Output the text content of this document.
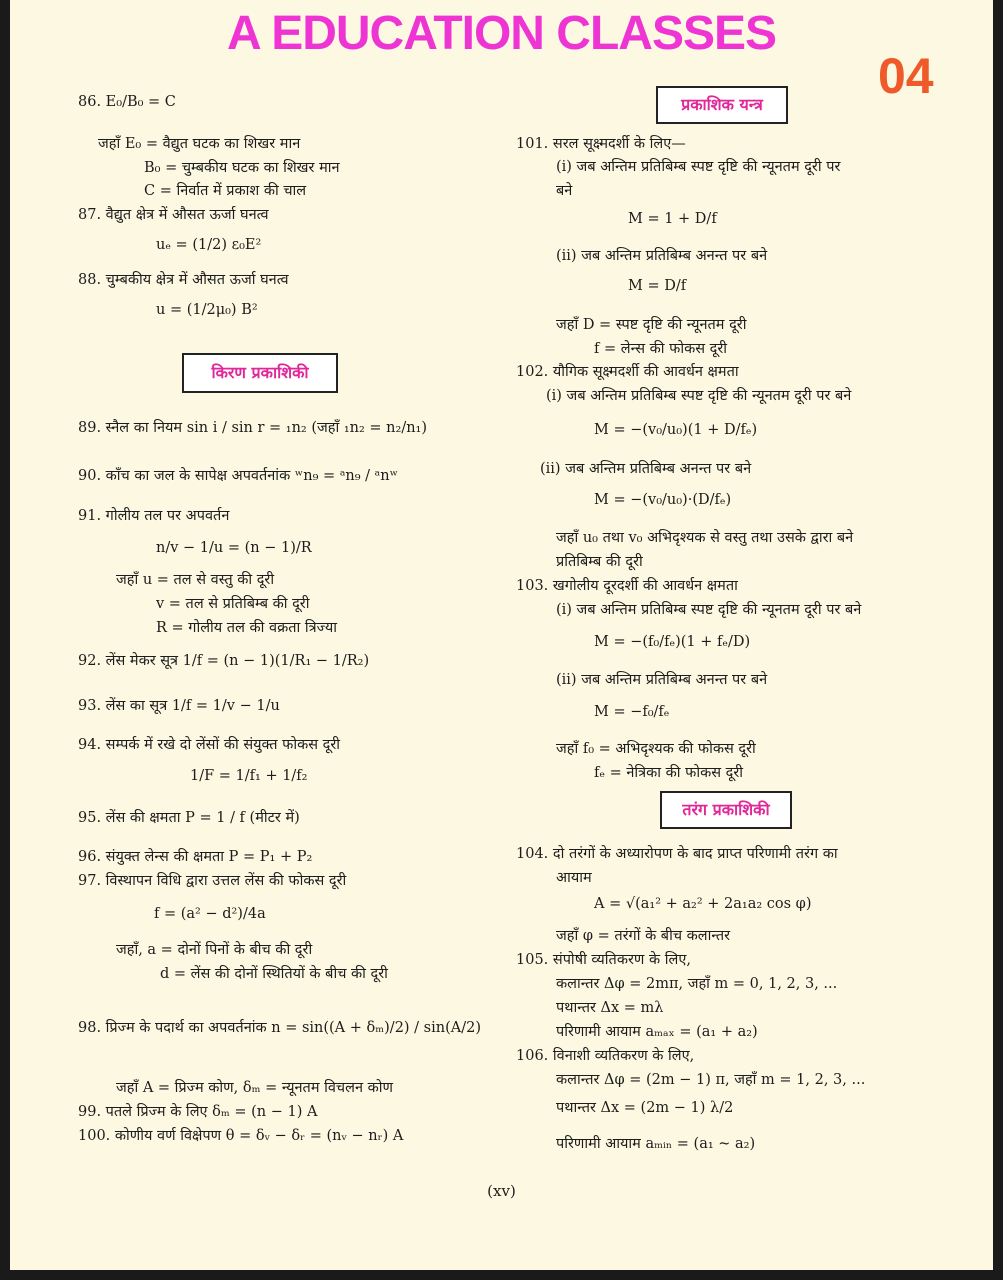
A EDUCATION CLASSES
04
किरण प्रकाशिकी
प्रकाशिक यन्त्र
तरंग प्रकाशिकी
86. E₀/B₀ = C
जहाँ E₀ = वैद्युत घटक का शिखर मान
B₀ = चुम्बकीय घटक का शिखर मान
C = निर्वात में प्रकाश की चाल
87. वैद्युत क्षेत्र में औसत ऊर्जा घनत्व
uₑ = (1/2) ε₀E²
88. चुम्बकीय क्षेत्र में औसत ऊर्जा घनत्व
u = (1/2μ₀) B²
89. स्नैल का नियम sin i / sin r = ₁n₂ (जहाँ ₁n₂ = n₂/n₁)
90. काँच का जल के सापेक्ष अपवर्तनांक ʷn₉ = ᵃn₉ / ᵃnʷ
91. गोलीय तल पर अपवर्तन
n/v − 1/u = (n − 1)/R
जहाँ u = तल से वस्तु की दूरी
v = तल से प्रतिबिम्ब की दूरी
R = गोलीय तल की वक्रता त्रिज्या
92. लेंस मेकर सूत्र 1/f = (n − 1)(1/R₁ − 1/R₂)
93. लेंस का सूत्र 1/f = 1/v − 1/u
94. सम्पर्क में रखे दो लेंसों की संयुक्त फोकस दूरी
1/F = 1/f₁ + 1/f₂
95. लेंस की क्षमता P = 1 / f (मीटर में)
96. संयुक्त लेन्स की क्षमता P = P₁ + P₂
97. विस्थापन विधि द्वारा उत्तल लेंस की फोकस दूरी
f = (a² − d²)/4a
जहाँ, a = दोनों पिनों के बीच की दूरी
d = लेंस की दोनों स्थितियों के बीच की दूरी
98. प्रिज्म के पदार्थ का अपवर्तनांक n = sin((A + δₘ)/2) / sin(A/2)
जहाँ A = प्रिज्म कोण, δₘ = न्यूनतम विचलन कोण
99. पतले प्रिज्म के लिए δₘ = (n − 1) A
100. कोणीय वर्ण विक्षेपण θ = δᵥ − δᵣ = (nᵥ − nᵣ) A
101. सरल सूक्ष्मदर्शी के लिए—
(i) जब अन्तिम प्रतिबिम्ब स्पष्ट दृष्टि की न्यूनतम दूरी पर
बने
M = 1 + D/f
(ii) जब अन्तिम प्रतिबिम्ब अनन्त पर बने
M = D/f
जहाँ D = स्पष्ट दृष्टि की न्यूनतम दूरी
f = लेन्स की फोकस दूरी
102. यौगिक सूक्ष्मदर्शी की आवर्धन क्षमता
(i) जब अन्तिम प्रतिबिम्ब स्पष्ट दृष्टि की न्यूनतम दूरी पर बने
M = −(v₀/u₀)(1 + D/fₑ)
(ii) जब अन्तिम प्रतिबिम्ब अनन्त पर बने
M = −(v₀/u₀)·(D/fₑ)
जहाँ u₀ तथा v₀ अभिदृश्यक से वस्तु तथा उसके द्वारा बने
प्रतिबिम्ब की दूरी
103. खगोलीय दूरदर्शी की आवर्धन क्षमता
(i) जब अन्तिम प्रतिबिम्ब स्पष्ट दृष्टि की न्यूनतम दूरी पर बने
M = −(f₀/fₑ)(1 + fₑ/D)
(ii) जब अन्तिम प्रतिबिम्ब अनन्त पर बने
M = −f₀/fₑ
जहाँ f₀ = अभिदृश्यक की फोकस दूरी
fₑ = नेत्रिका की फोकस दूरी
104. दो तरंगों के अध्यारोपण के बाद प्राप्त परिणामी तरंग का
आयाम
A = √(a₁² + a₂² + 2a₁a₂ cos φ)
जहाँ φ = तरंगों के बीच कलान्तर
105. संपोषी व्यतिकरण के लिए,
कलान्तर Δφ = 2mπ, जहाँ m = 0, 1, 2, 3, ...
पथान्तर Δx = mλ
परिणामी आयाम aₘₐₓ = (a₁ + a₂)
106. विनाशी व्यतिकरण के लिए,
कलान्तर Δφ = (2m − 1) π, जहाँ m = 1, 2, 3, ...
पथान्तर Δx = (2m − 1) λ/2
परिणामी आयाम aₘᵢₙ = (a₁ ~ a₂)
(xv)
